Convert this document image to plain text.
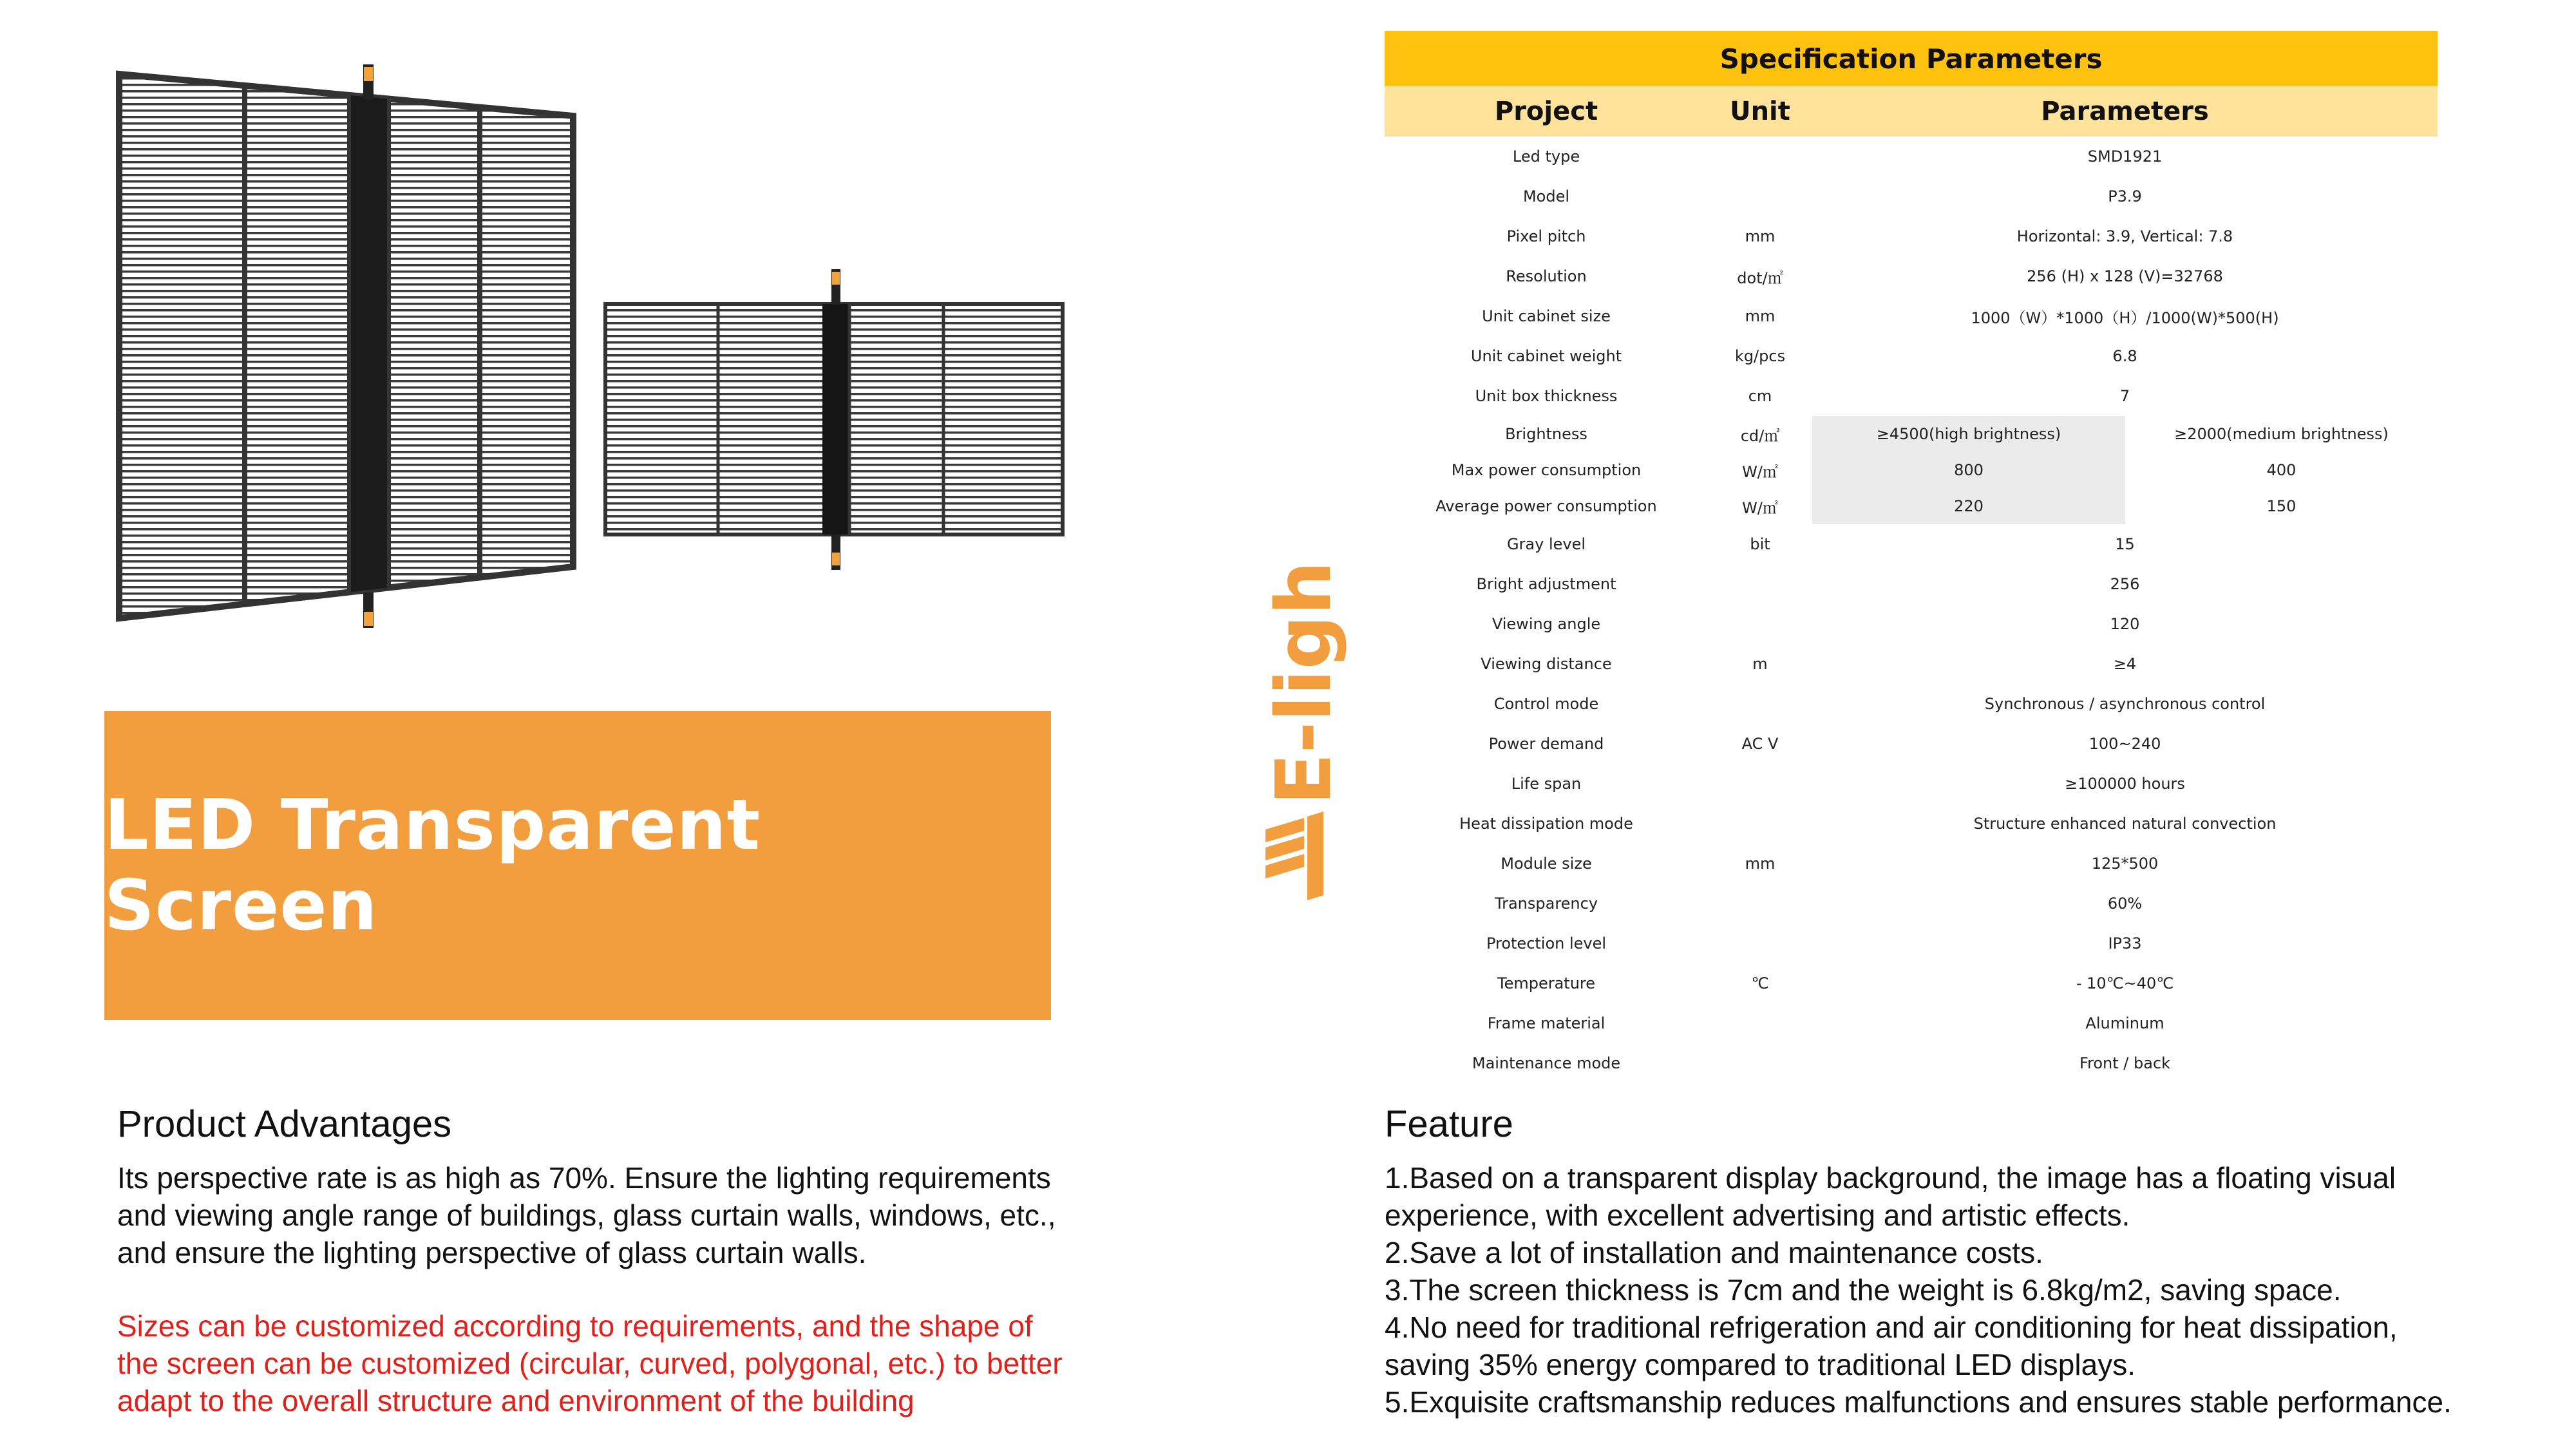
LED Transparent Screen
Product Advantages
Its perspective rate is as high as 70%. Ensure the lighting requirements
and viewing angle range of buildings, glass curtain walls, windows, etc.,
and ensure the lighting perspective of glass curtain walls.
Sizes can be customized according to requirements, and the shape of
the screen can be customized (circular, curved, polygonal, etc.) to better
adapt to the overall structure and environment of the building
E-light
Specification Parameters			
Project	Unit	Parameters	
Led type		SMD1921	
Model		P3.9	
Pixel pitch	mm	Horizontal: 3.9, Vertical: 7.8	
Resolution	dot/㎡	256 (H) x 128 (V)=32768	
Unit cabinet size	mm	1000（W）*1000（H）/1000(W)*500(H)	
Unit cabinet weight	kg/pcs	6.8	
Unit box thickness	cm	7	
Brightness	cd/㎡	≥4500(high brightness)	≥2000(medium brightness)
Max power consumption	W/㎡	800	400
Average power consumption	W/㎡	220	150
Gray level	bit	15	
Bright adjustment		256	
Viewing angle		120	
Viewing distance	m	≥4	
Control mode		Synchronous / asynchronous control	
Power demand	AC V	100~240	
Life span		≥100000 hours	
Heat dissipation mode		Structure enhanced natural convection	
Module size	mm	125*500	
Transparency		60%	
Protection level		IP33	
Temperature	℃	- 10℃~40℃	
Frame material		Aluminum	
Maintenance mode		Front / back	
Feature
1.Based on a transparent display background, the image has a floating visual
experience, with excellent advertising and artistic effects.
2.Save a lot of installation and maintenance costs.
3.The screen thickness is 7cm and the weight is 6.8kg/m2, saving space.
4.No need for traditional refrigeration and air conditioning for heat dissipation,
saving 35% energy compared to traditional LED displays.
5.Exquisite craftsmanship reduces malfunctions and ensures stable performance.
